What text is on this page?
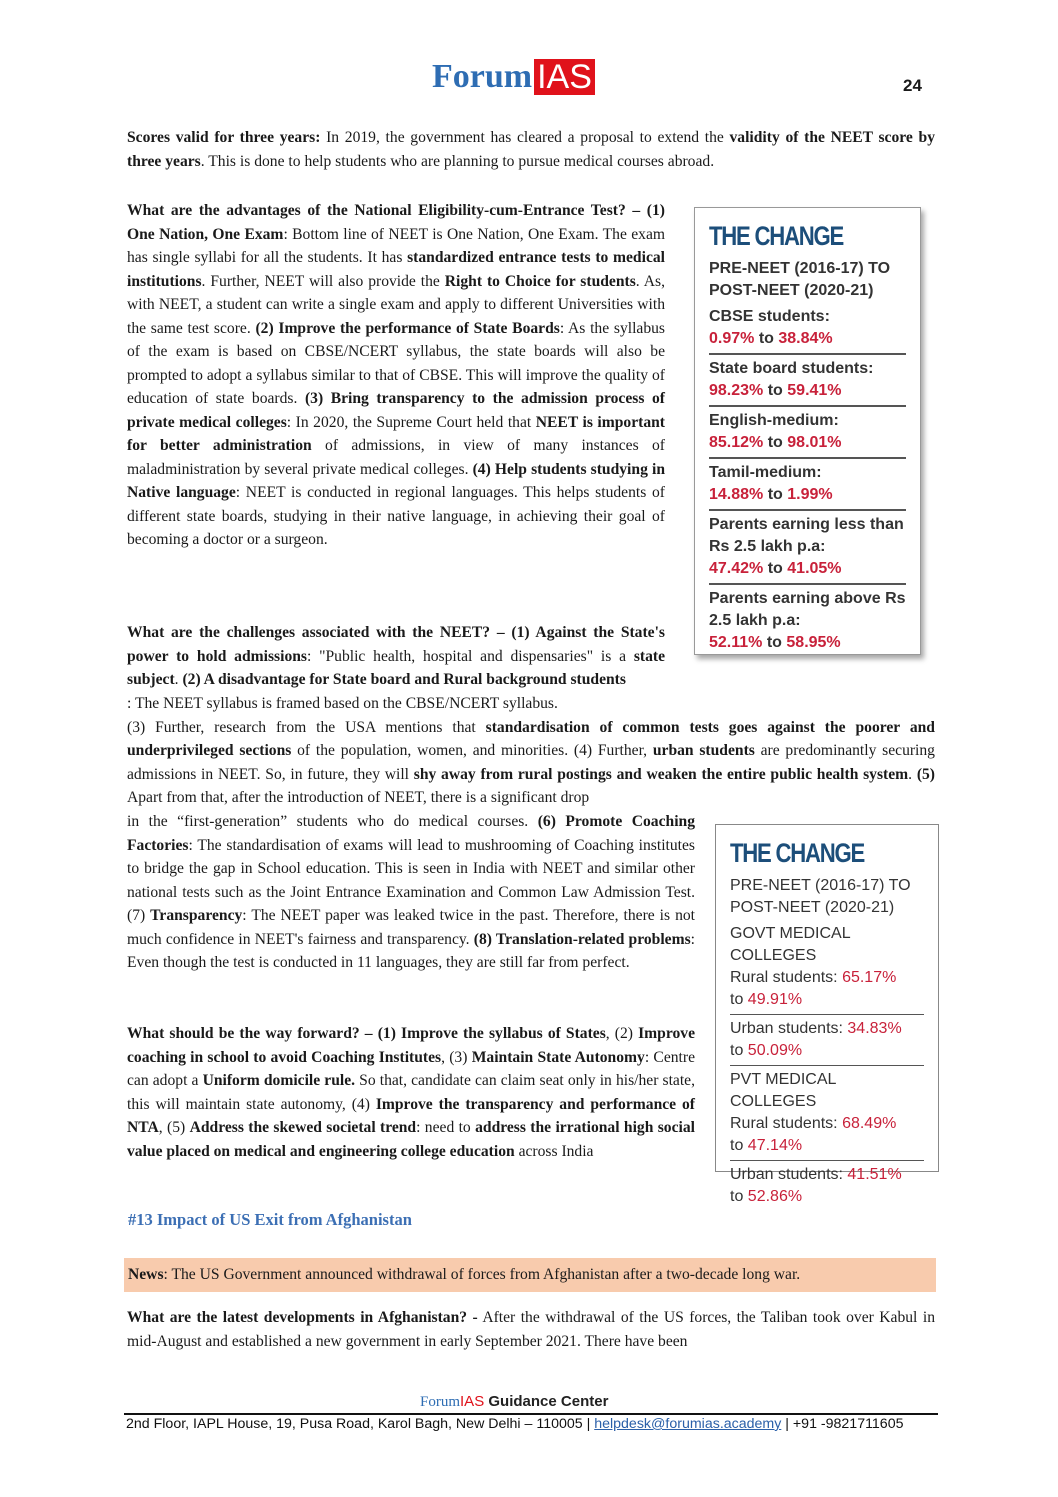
Forum IAS	24
Scores valid for three years: In 2019, the government has cleared a proposal to extend the validity of the NEET score by three years. This is done to help students who are planning to pursue medical courses abroad.
What are the advantages of the National Eligibility-cum-Entrance Test? – (1) One Nation, One Exam: Bottom line of NEET is One Nation, One Exam. The exam has single syllabi for all the students. It has standardized entrance tests to medical institutions. Further, NEET will also provide the Right to Choice for students. As, with NEET, a student can write a single exam and apply to different Universities with the same test score. (2) Improve the performance of State Boards: As the syllabus of the exam is based on CBSE/NCERT syllabus, the state boards will also be prompted to adopt a syllabus similar to that of CBSE. This will improve the quality of education of state boards. (3) Bring transparency to the admission process of private medical colleges: In 2020, the Supreme Court held that NEET is important for better administration of admissions, in view of many instances of maladministration by several private medical colleges. (4) Help students studying in Native language: NEET is conducted in regional languages. This helps students of different state boards, studying in their native language, in achieving their goal of becoming a doctor or a surgeon.
THE CHANGE
PRE-NEET (2016-17) TO POST-NEET (2020-21)
CBSE students:
0.97% to 38.84%
State board students:
98.23% to 59.41%
English-medium:
85.12% to 98.01%
Tamil-medium:
14.88% to 1.99%
Parents earning less than Rs 2.5 lakh p.a:
47.42% to 41.05%
Parents earning above Rs 2.5 lakh p.a:
52.11% to 58.95%
What are the challenges associated with the NEET? – (1) Against the State's power to hold admissions: "Public health, hospital and dispensaries" is a state subject. (2) A disadvantage for State board and Rural background students
: The NEET syllabus is framed based on the CBSE/NCERT syllabus.
(3) Further, research from the USA mentions that standardisation of common tests goes against the poorer and underprivileged sections of the population, women, and minorities. (4) Further, urban students are predominantly securing admissions in NEET. So, in future, they will shy away from rural postings and weaken the entire public health system. (5) Apart from that, after the introduction of NEET, there is a significant drop
in the “first-generation” students who do medical courses. (6) Promote Coaching Factories: The standardisation of exams will lead to mushrooming of Coaching institutes to bridge the gap in School education. This is seen in India with NEET and similar other national tests such as the Joint Entrance Examination and Common Law Admission Test. (7) Transparency: The NEET paper was leaked twice in the past. Therefore, there is not much confidence in NEET's fairness and transparency. (8) Translation-related problems: Even though the test is conducted in 11 languages, they are still far from perfect.
THE CHANGE
PRE-NEET (2016-17) TO POST-NEET (2020-21)
GOVT MEDICAL COLLEGES
Rural students: 65.17%
to 49.91%
Urban students: 34.83%
to 50.09%
PVT MEDICAL COLLEGES
Rural students: 68.49%
to 47.14%
Urban students: 41.51%
to 52.86%
What should be the way forward? – (1) Improve the syllabus of States, (2) Improve coaching in school to avoid Coaching Institutes, (3) Maintain State Autonomy: Centre can adopt a Uniform domicile rule. So that, candidate can claim seat only in his/her state, this will maintain state autonomy, (4) Improve the transparency and performance of NTA, (5) Address the skewed societal trend: need to address the irrational high social value placed on medical and engineering college education across India
#13 Impact of US Exit from Afghanistan
News: The US Government announced withdrawal of forces from Afghanistan after a two-decade long war.
What are the latest developments in Afghanistan? - After the withdrawal of the US forces, the Taliban took over Kabul in mid-August and established a new government in early September 2021. There have been
ForumIAS Guidance Center
2nd Floor, IAPL House, 19, Pusa Road, Karol Bagh, New Delhi – 110005 | helpdesk@forumias.academy | +91 -9821711605
